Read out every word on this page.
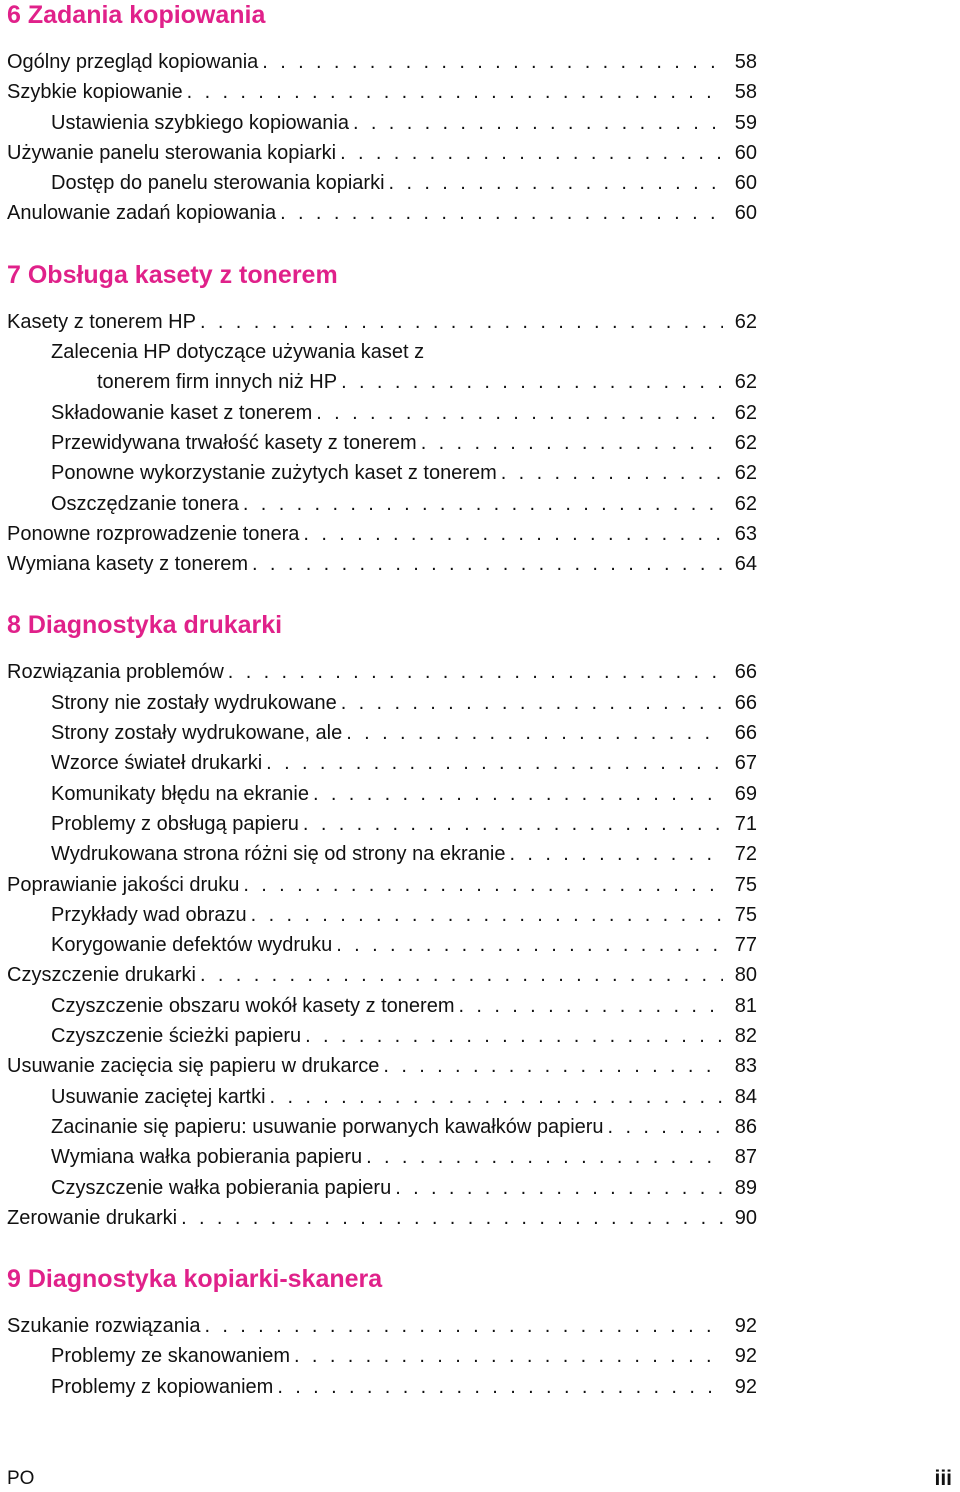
6 Zadania kopiowania
Ogólny przegląd kopiowania . . .	58
Szybkie kopiowanie . . .	58
Ustawienia szybkiego kopiowania . . .	59
Używanie panelu sterowania kopiarki . . .	60
Dostęp do panelu sterowania kopiarki . . .	60
Anulowanie zadań kopiowania . . .	60
7 Obsługa kasety z tonerem
Kasety z tonerem HP . . .	62
Zalecenia HP dotyczące używania kaset z
tonerem firm innych niż HP . . .	62
Składowanie kaset z tonerem . . .	62
Przewidywana trwałość kasety z tonerem . . .	62
Ponowne wykorzystanie zużytych kaset z tonerem . . .	62
Oszczędzanie tonera . . .	62
Ponowne rozprowadzenie tonera . . .	63
Wymiana kasety z tonerem . . .	64
8 Diagnostyka drukarki
Rozwiązania problemów . . .	66
Strony nie zostały wydrukowane . . .	66
Strony zostały wydrukowane, ale . . .	66
Wzorce świateł drukarki . . .	67
Komunikaty błędu na ekranie . . .	69
Problemy z obsługą papieru . . .	71
Wydrukowana strona różni się od strony na ekranie . . .	72
Poprawianie jakości druku . . .	75
Przykłady wad obrazu . . .	75
Korygowanie defektów wydruku . . .	77
Czyszczenie drukarki . . .	80
Czyszczenie obszaru wokół kasety z tonerem . . .	81
Czyszczenie ścieżki papieru . . .	82
Usuwanie zacięcia się papieru w drukarce . . .	83
Usuwanie zaciętej kartki . . .	84
Zacinanie się papieru: usuwanie porwanych kawałków papieru . . .	86
Wymiana wałka pobierania papieru . . .	87
Czyszczenie wałka pobierania papieru . . .	89
Zerowanie drukarki . . .	90
9 Diagnostyka kopiarki-skanera
Szukanie rozwiązania . . .	92
Problemy ze skanowaniem . . .	92
Problemy z kopiowaniem . . .	92
PO	iii
